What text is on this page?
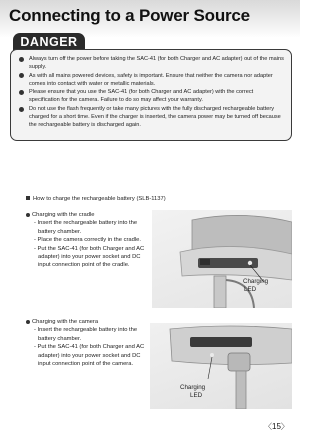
Connecting to a Power Source
DANGER
Always turn off the power before taking the SAC-41 (for both Charger and AC adapter) out of the mains supply.
As with all mains powered devices, safety is important. Ensure that neither the camera nor adapter comes into contact with water or metallic materials.
Please ensure that you use the SAC-41 (for both Charger and AC adapter) with the correct specification for the camera. Failure to do so may affect your warranty.
Do not use the flash frequently or take many pictures with the fully discharged rechargeable battery charged for a short time. Even if the charger is inserted, the camera power may be turned off because the rechargeable battery is discharged again.
How to charge the rechargeable battery (SLB-1137)
Charging with the cradle
- Insert the rechargeable battery into the
battery chamber.
- Place the camera correctly in the cradle.
- Put the SAC-41 (for both Charger and AC
adapter) into your power socket and DC
input connection point of the cradle.
Charging
LED
Charging with the camera
- Insert the rechargeable battery into the
battery chamber.
- Put the SAC-41 (for both Charger and AC
adapter) into your power socket and DC
input connection point of the camera.
Charging
LED
〈15〉
